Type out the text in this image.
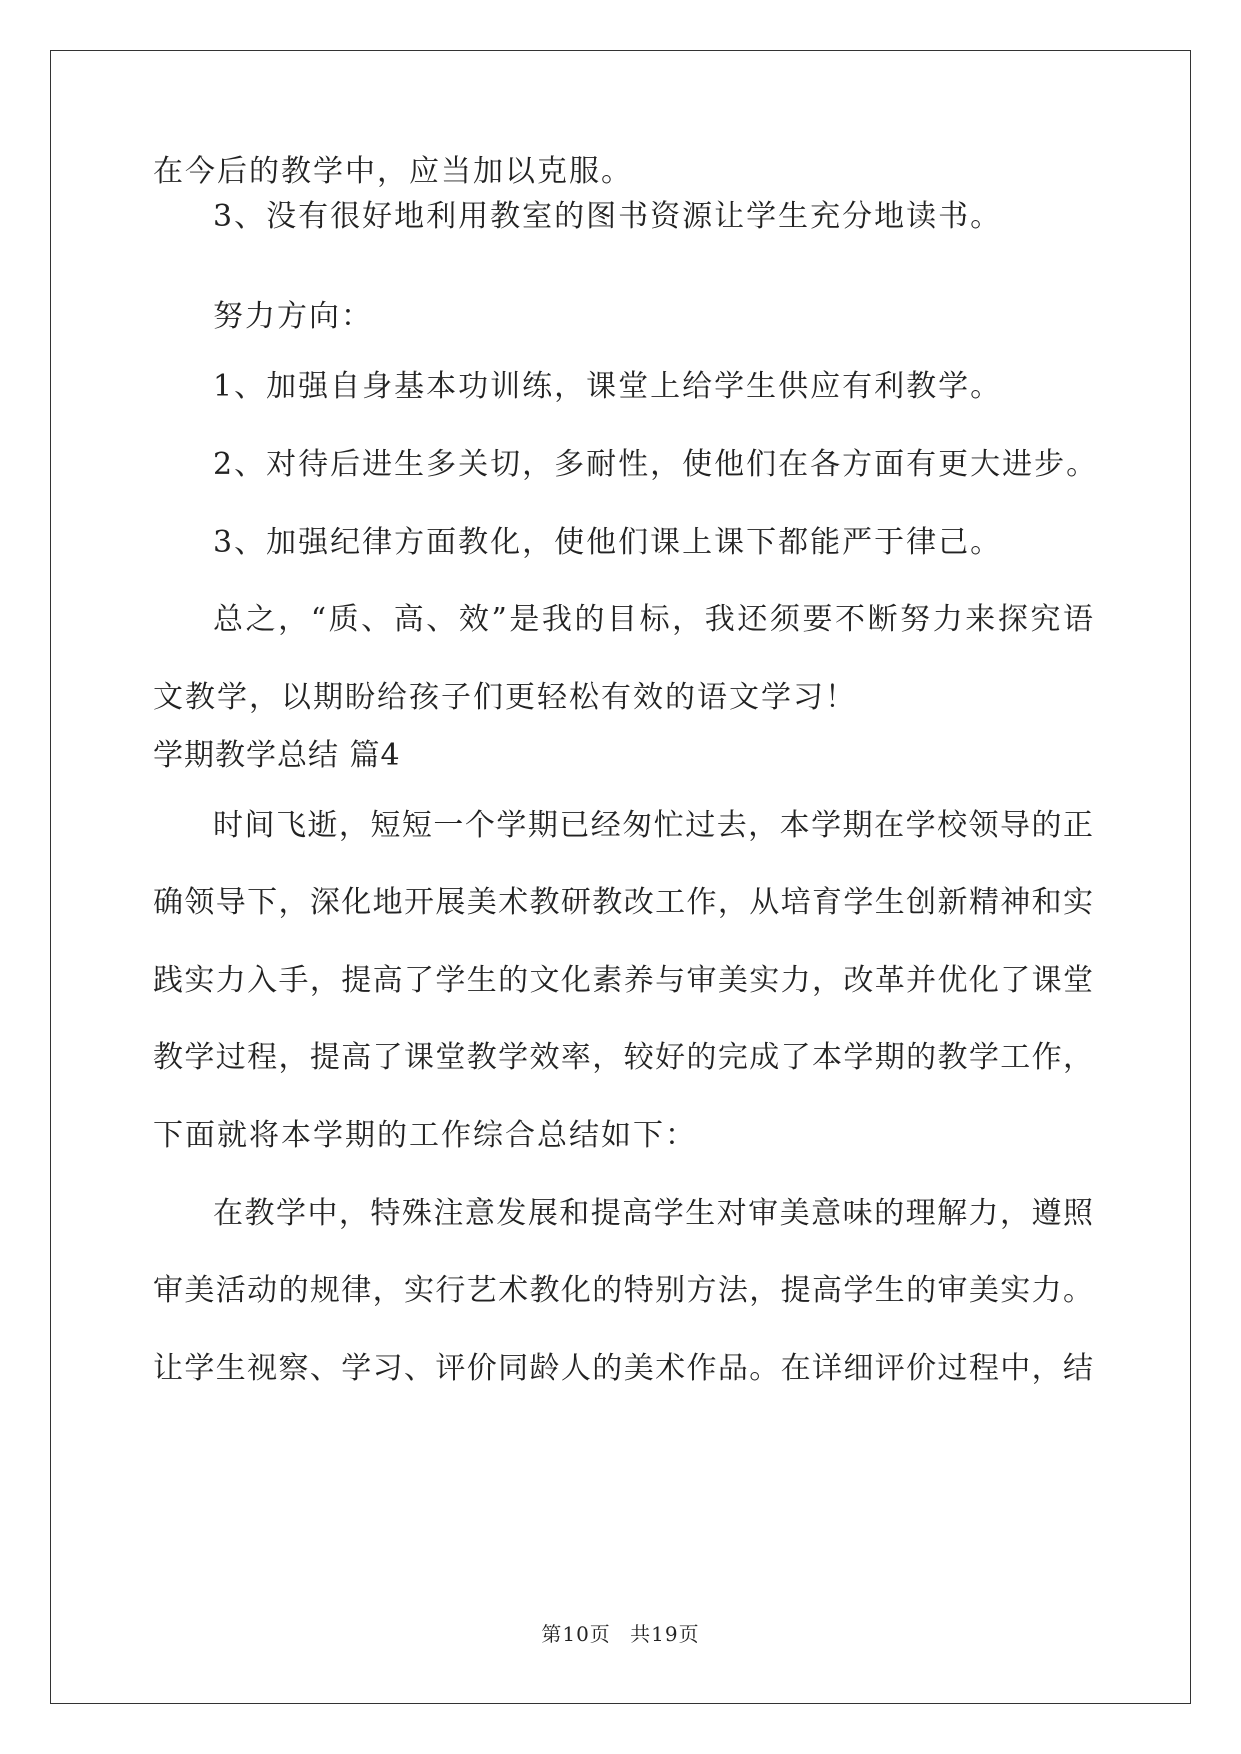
在今后的教学中，应当加以克服。
3、没有很好地利用教室的图书资源让学生充分地读书。
努力方向：
1、加强自身基本功训练，课堂上给学生供应有利教学。
2、对待后进生多关切，多耐性，使他们在各方面有更大进步。
3、加强纪律方面教化，使他们课上课下都能严于律己。
总之，“质、高、效”是我的目标，我还须要不断努力来探究语
文教学，以期盼给孩子们更轻松有效的语文学习！
学期教学总结 篇4
时间飞逝，短短一个学期已经匆忙过去，本学期在学校领导的正
确领导下，深化地开展美术教研教改工作，从培育学生创新精神和实
践实力入手，提高了学生的文化素养与审美实力，改革并优化了课堂
教学过程，提高了课堂教学效率，较好的完成了本学期的教学工作，
下面就将本学期的工作综合总结如下：
在教学中，特殊注意发展和提高学生对审美意味的理解力，遵照
审美活动的规律，实行艺术教化的特别方法，提高学生的审美实力。
让学生视察、学习、评价同龄人的美术作品。在详细评价过程中，结
第10页 共19页
